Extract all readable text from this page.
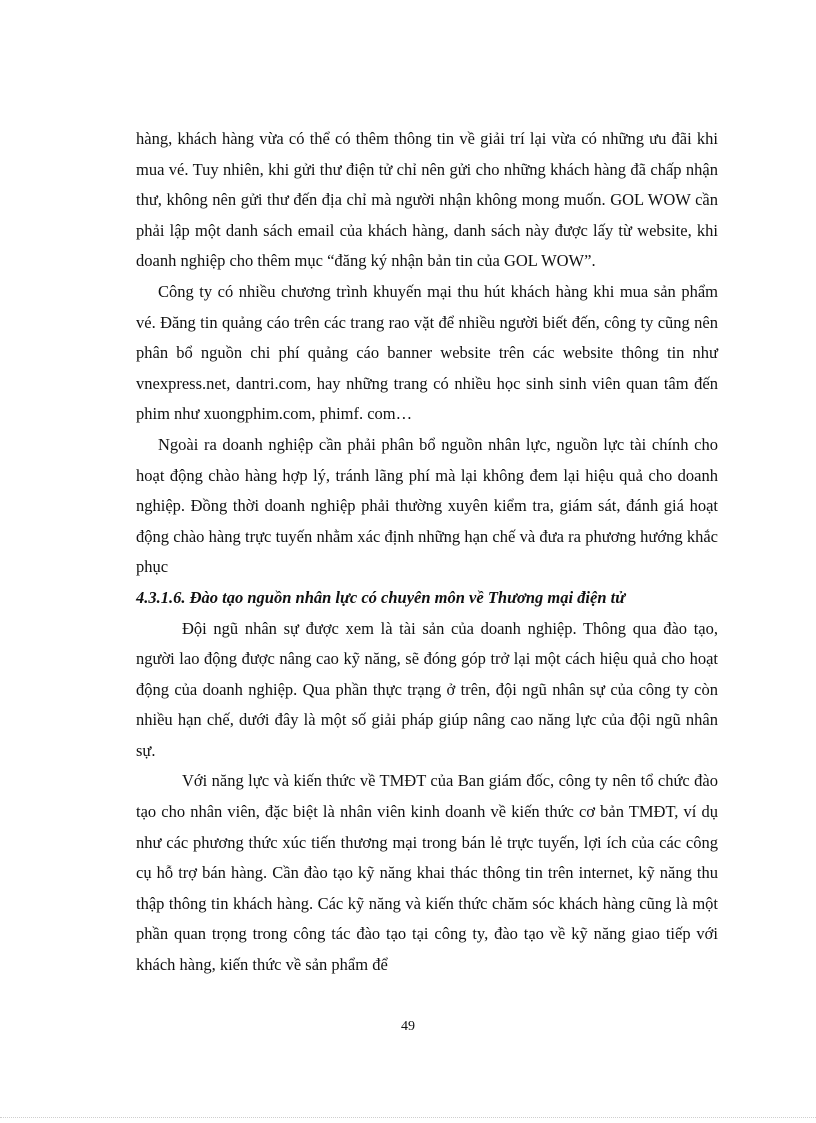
hàng, khách hàng vừa có thể có thêm thông tin về giải trí lại vừa có những ưu đãi khi mua vé. Tuy nhiên, khi gửi thư điện tử chỉ nên gửi cho những khách hàng đã chấp nhận thư, không nên gửi thư đến địa chỉ mà người nhận không mong muốn. GOL WOW cần phải lập một danh sách email của khách hàng, danh sách này được lấy từ website, khi doanh nghiệp cho thêm mục “đăng ký nhận bản tin của GOL WOW”.

Công ty có nhiều chương trình khuyến mại thu hút khách hàng khi mua sản phẩm vé. Đăng tin quảng cáo trên các trang rao vặt để nhiều người biết đến, công ty cũng nên phân bổ nguồn chi phí quảng cáo banner website trên các website thông tin như vnexpress.net, dantri.com, hay những trang có nhiều học sinh sinh viên quan tâm đến phim như xuongphim.com, phimf. com…

Ngoài ra doanh nghiệp cần phải phân bổ nguồn nhân lực, nguồn lực tài chính cho hoạt động chào hàng hợp lý, tránh lãng phí mà lại không đem lại hiệu quả cho doanh nghiệp. Đồng thời doanh nghiệp phải thường xuyên kiểm tra, giám sát, đánh giá hoạt động chào hàng trực tuyến nhằm xác định những hạn chế và đưa ra phương hướng khắc phục

4.3.1.6. Đào tạo nguồn nhân lực có chuyên môn về Thương mại điện tử

Đội ngũ nhân sự được xem là tài sản của doanh nghiệp. Thông qua đào tạo, người lao động được nâng cao kỹ năng, sẽ đóng góp trở lại một cách hiệu quả cho hoạt động của doanh nghiệp. Qua phần thực trạng ở trên, đội ngũ nhân sự của công ty còn nhiều hạn chế, dưới đây là một số giải pháp giúp nâng cao năng lực của đội ngũ nhân sự.

Với năng lực và kiến thức về TMĐT của Ban giám đốc, công ty nên tổ chức đào tạo cho nhân viên, đặc biệt là nhân viên kinh doanh về kiến thức cơ bản TMĐT, ví dụ như các phương thức xúc tiến thương mại trong bán lẻ trực tuyến, lợi ích của các công cụ hỗ trợ bán hàng. Cần đào tạo kỹ năng khai thác thông tin trên internet, kỹ năng thu thập thông tin khách hàng. Các kỹ năng và kiến thức chăm sóc khách hàng cũng là một phần quan trọng trong công tác đào tạo tại công ty, đào tạo về kỹ năng giao tiếp với khách hàng, kiến thức về sản phẩm để

49
